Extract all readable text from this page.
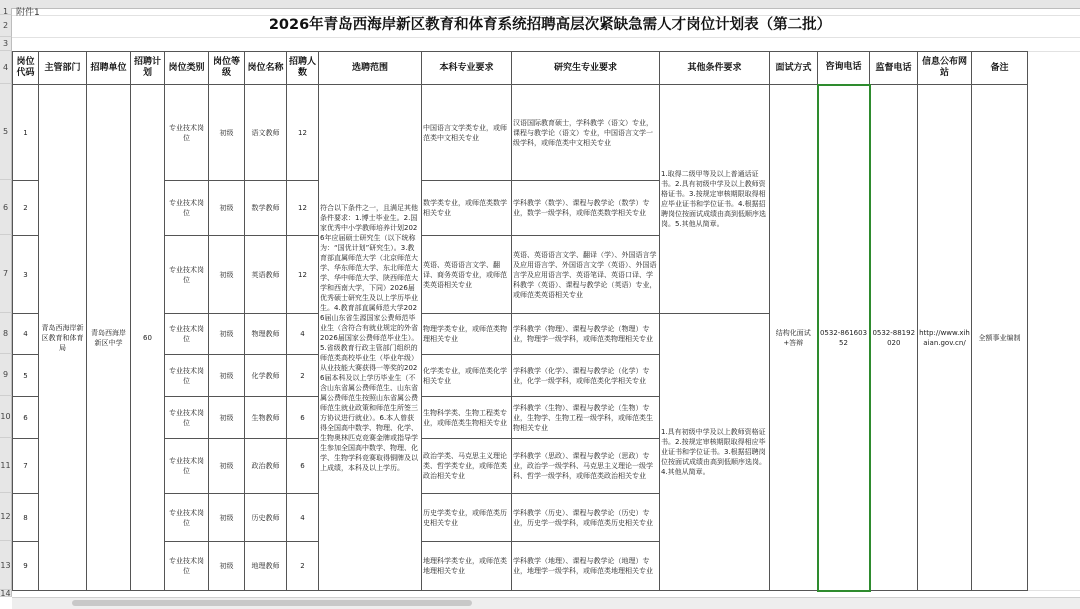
1
2
3
4
5
6
7
8
9
10
11
12
13
14
附件1
2026年青岛西海岸新区教育和体育系统招聘高层次紧缺急需人才岗位计划表（第二批）
岗位代码	主管部门	招聘单位	招聘计划	岗位类别	岗位等级	岗位名称	招聘人数	选聘范围	本科专业要求	研究生专业要求	其他条件要求	面试方式	咨询电话	监督电话	信息公布网站	备注
1	青岛西海岸新区教育和体育局	青岛西海岸新区中学	60	专业技术岗位	初级	语文教师	12	符合以下条件之一，且满足其他条件要求：1.博士毕业生。2.国家优秀中小学教师培养计划2026年应届硕士研究生（以下统称为：“国优计划”研究生）。3.教育部直属师范大学（北京师范大学、华东师范大学、东北师范大学、华中师范大学、陕西师范大学和西南大学，下同）2026届优秀硕士研究生及以上学历毕业生。4.教育部直属师范大学2026届山东省生源国家公费师范毕业生（含符合有就业规定的外省2026届国家公费师范毕业生）。5.省级教育行政主管部门组织的师范类高校毕业生（毕业年级）从业技能大赛获得一等奖的2026届本科及以上学历毕业生（不含山东省属公费师范生、山东省属公费师范生按照山东省属公费师范生就业政策和师范生所签三方协议进行就业）。6.本人曾获得全国高中数学、物理、化学、生物奥林匹克竞赛金牌或指导学生参加全国高中数学、物理、化学、生物学科竞赛取得铜牌及以上成绩，本科及以上学历。	中国语言文学类专业，或师范类中文相关专业	汉语国际教育硕士，学科教学（语文）专业，课程与教学论（语文）专业，中国语言文学一级学科，或师范类中文相关专业	1.取得二级甲等及以上普通话证书。2.具有初级中学及以上教师资格证书。3.按规定审核期限取得相应毕业证书和学位证书。4.根据招聘岗位按面试成绩由高到低顺序选岗。5.其他从简章。	结构化面试+答辩	0532-86160352	0532-88192020	http://www.xihaian.gov.cn/	全额事业编制
2				专业技术岗位	初级	数学教师	12		数学类专业，或师范类数学相关专业	学科教学（数学）、课程与教学论（数学）专业，数学一级学科，或师范类数学相关专业						
3				专业技术岗位	初级	英语教师	12		英语、英语语言文学、翻译、商务英语专业，或师范类英语相关专业	英语、英语语言文学、翻译（学）、外国语言学及应用语言学、外国语言文学（英语）、外国语言学及应用语言学、英语笔译、英语口译、学科教学（英语）、课程与教学论（英语）专业，或师范类英语相关专业						
4				专业技术岗位	初级	物理教师	4		物理学类专业，或师范类物理相关专业	学科教学（物理）、课程与教学论（物理）专业，物理学一级学科，或师范类物理相关专业	1.具有初级中学及以上教师资格证书。2.按规定审核期限取得相应毕业证书和学位证书。3.根据招聘岗位按面试成绩由高到低顺序选岗。4.其他从简章。					
5				专业技术岗位	初级	化学教师	2		化学类专业，或师范类化学相关专业	学科教学（化学）、课程与教学论（化学）专业，化学一级学科，或师范类化学相关专业						
6				专业技术岗位	初级	生物教师	6		生物科学类、生物工程类专业，或师范类生物相关专业	学科教学（生物）、课程与教学论（生物）专业，生物学、生物工程一级学科，或师范类生物相关专业						
7				专业技术岗位	初级	政治教师	6		政治学类、马克思主义理论类、哲学类专业，或师范类政治相关专业	学科教学（思政）、课程与教学论（思政）专业，政治学一级学科、马克思主义理论一级学科、哲学一级学科，或师范类政治相关专业						
8				专业技术岗位	初级	历史教师	4		历史学类专业，或师范类历史相关专业	学科教学（历史）、课程与教学论（历史）专业，历史学一级学科，或师范类历史相关专业						
9				专业技术岗位	初级	地理教师	2		地理科学类专业，或师范类地理相关专业	学科教学（地理）、课程与教学论（地理）专业，地理学一级学科，或师范类地理相关专业						
